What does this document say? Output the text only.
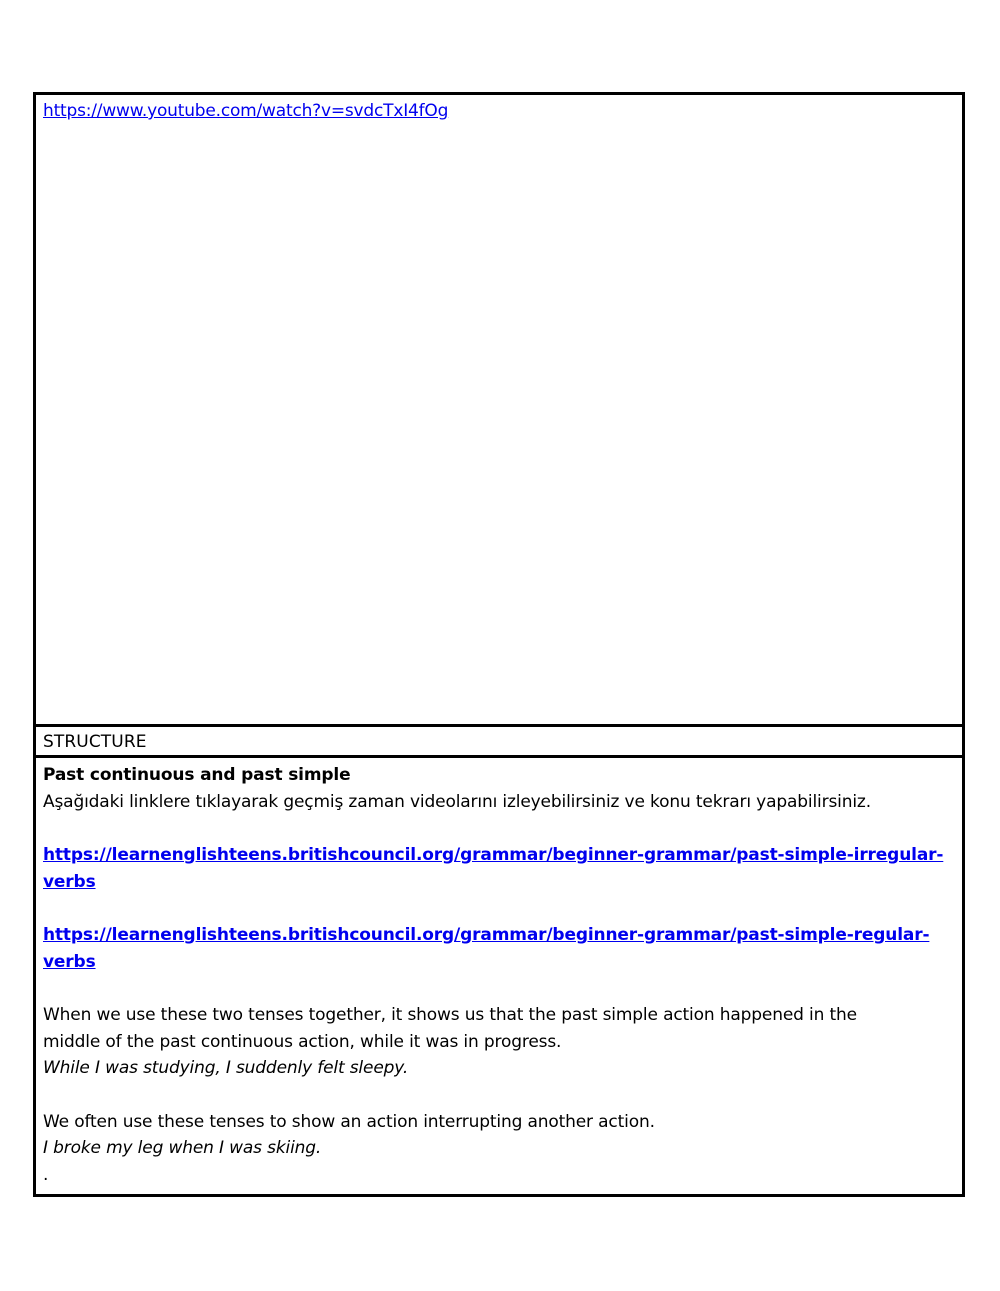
https://www.youtube.com/watch?v=svdcTxI4fOg
STRUCTURE

Past continuous and past simple

Aşağıdaki linklere tıklayarak geçmiş zaman videolarını izleyebilirsiniz ve konu tekrarı yapabilirsiniz.

https://learnenglishteens.britishcouncil.org/grammar/beginner-grammar/past-simple-irregular-
verbs

https://learnenglishteens.britishcouncil.org/grammar/beginner-grammar/past-simple-regular-
verbs

When we use these two tenses together, it shows us that the past simple action happened in the

middle of the past continuous action, while it was in progress.

While I was studying, I suddenly felt sleepy.

We often use these tenses to show an action interrupting another action.

I broke my leg when I was skiing.

.
